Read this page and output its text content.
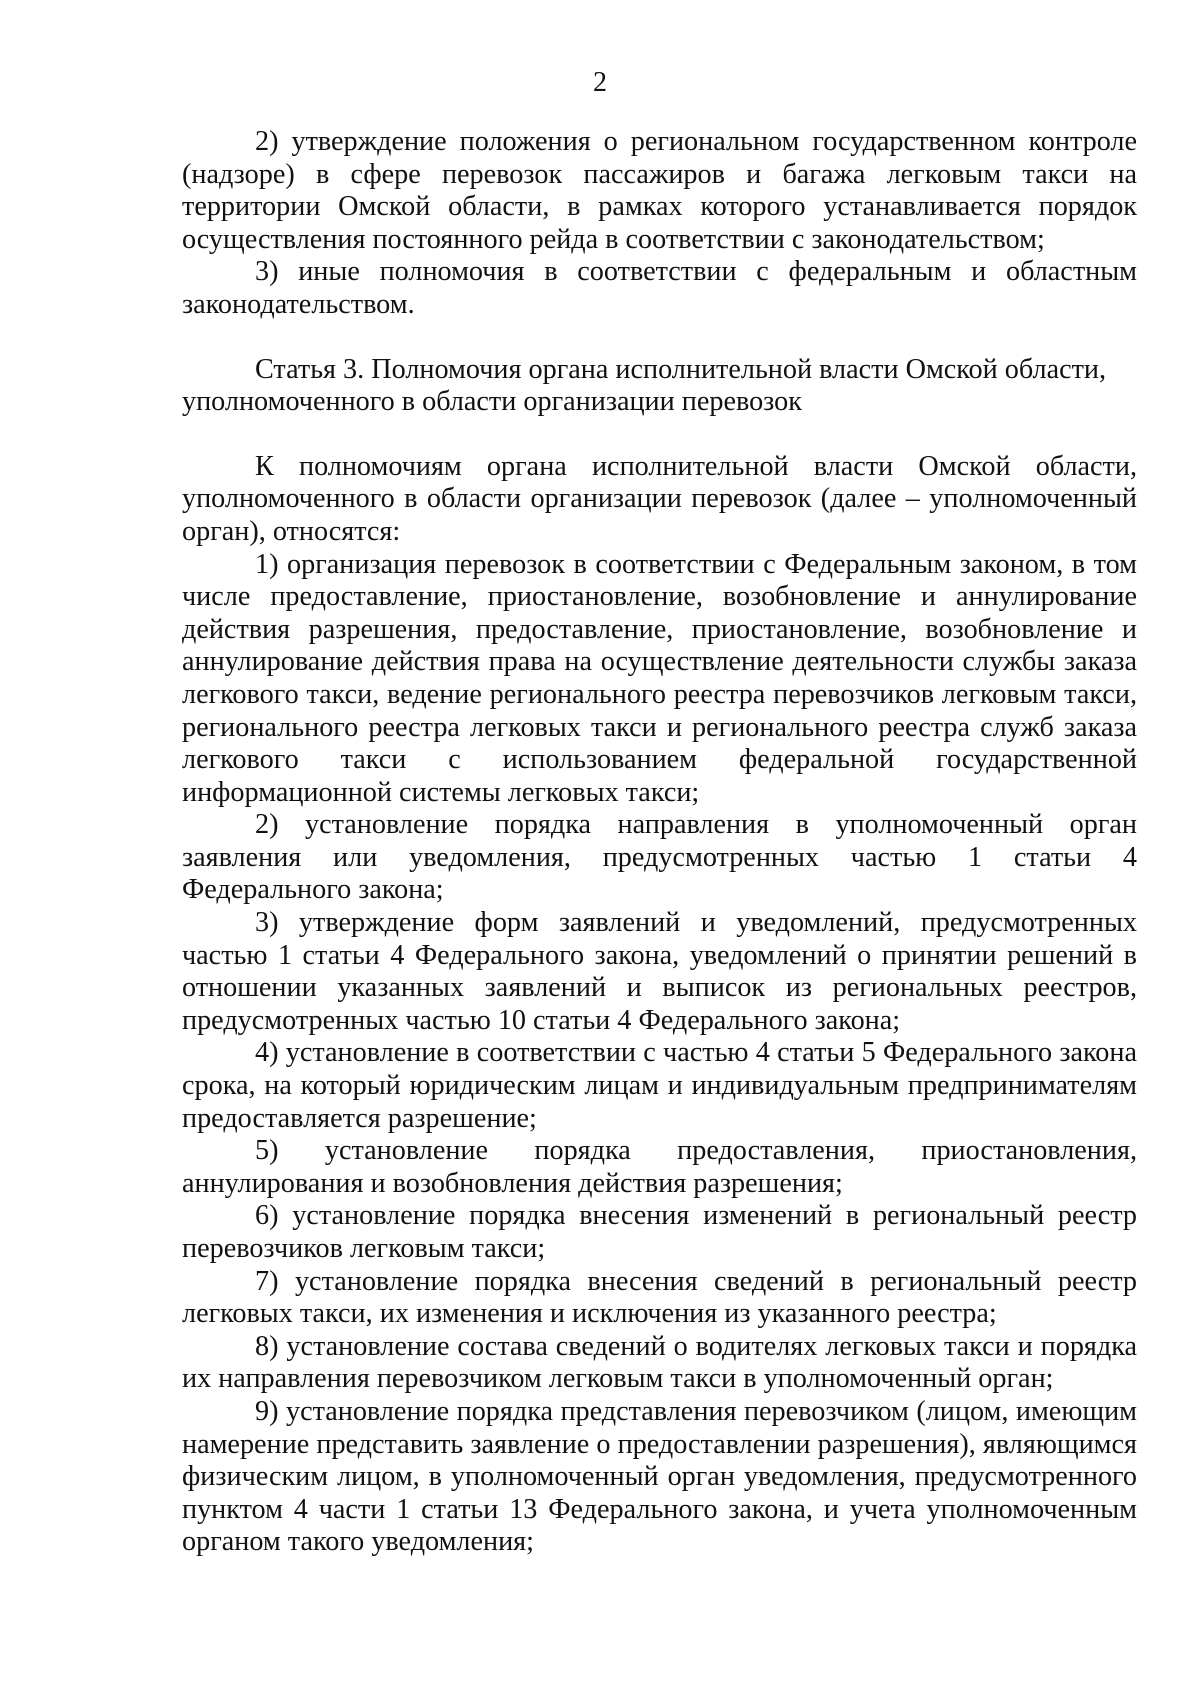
2

2) утверждение положения о региональном государственном контроле (надзоре) в сфере перевозок пассажиров и багажа легковым такси на территории Омской области, в рамках которого устанавливается порядок осуществления постоянного рейда в соответствии с законодательством;

3) иные полномочия в соответствии с федеральным и областным законодательством.

Статья 3. Полномочия органа исполнительной власти Омской области, уполномоченного в области организации перевозок

К полномочиям органа исполнительной власти Омской области, уполномоченного в области организации перевозок (далее – уполномоченный орган), относятся:

1) организация перевозок в соответствии с Федеральным законом, в том числе предоставление, приостановление, возобновление и аннулирование действия разрешения, предоставление, приостановление, возобновление и аннулирование действия права на осуществление деятельности службы заказа легкового такси, ведение регионального реестра перевозчиков легковым такси, регионального реестра легковых такси и регионального реестра служб заказа легкового такси с использованием федеральной государственной информационной системы легковых такси;

2) установление порядка направления в уполномоченный орган заявления или уведомления, предусмотренных частью 1 статьи 4 Федерального закона;

3) утверждение форм заявлений и уведомлений, предусмотренных частью 1 статьи 4 Федерального закона, уведомлений о принятии решений в отношении указанных заявлений и выписок из региональных реестров, предусмотренных частью 10 статьи 4 Федерального закона;

4) установление в соответствии с частью 4 статьи 5 Федерального закона срока, на который юридическим лицам и индивидуальным предпринимателям предоставляется разрешение;

5) установление порядка предоставления, приостановления, аннулирования и возобновления действия разрешения;

6) установление порядка внесения изменений в региональный реестр перевозчиков легковым такси;

7) установление порядка внесения сведений в региональный реестр легковых такси, их изменения и исключения из указанного реестра;

8) установление состава сведений о водителях легковых такси и порядка их направления перевозчиком легковым такси в уполномоченный орган;

9) установление порядка представления перевозчиком (лицом, имеющим намерение представить заявление о предоставлении разрешения), являющимся физическим лицом, в уполномоченный орган уведомления, предусмотренного пунктом 4 части 1 статьи 13 Федерального закона, и учета уполномоченным органом такого уведомления;
